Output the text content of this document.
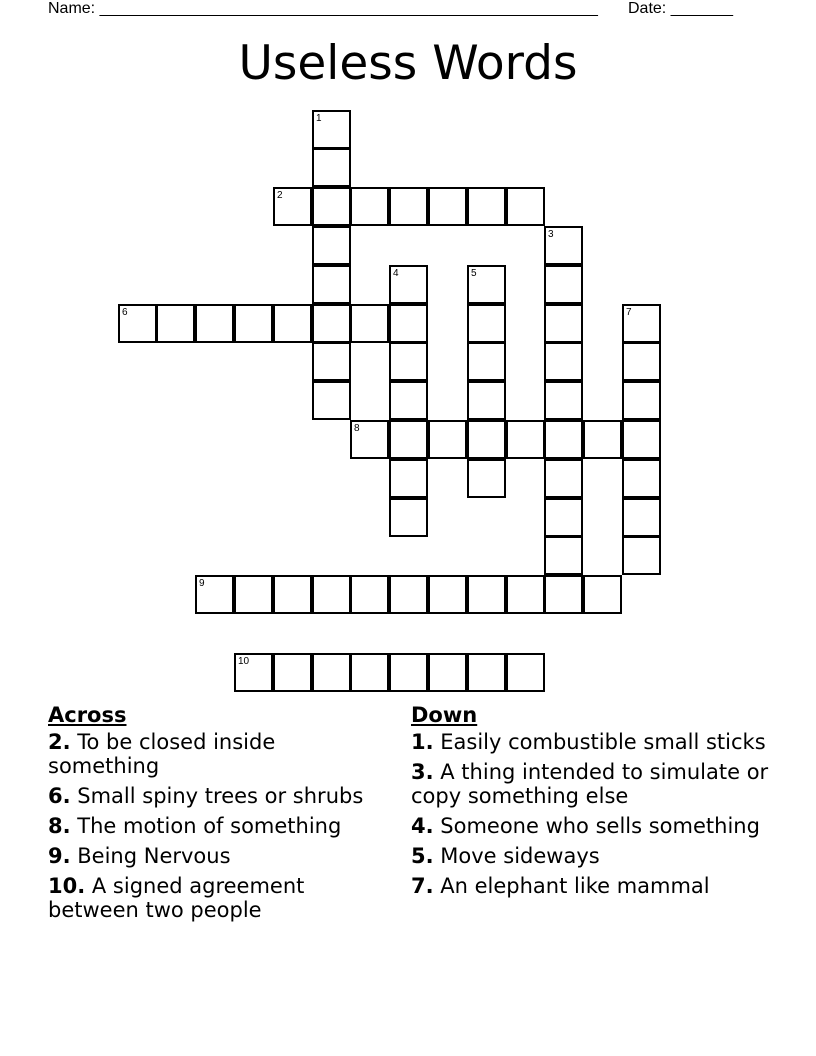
Name: ________________________________________________________ Date: _______
Useless Words
1
2
3
4	5
6	7
8
9
10
Across
2. To be closed inside something
6. Small spiny trees or shrubs
8. The motion of something
9. Being Nervous
10. A signed agreement between two people
Down
1. Easily combustible small sticks
3. A thing intended to simulate or copy something else
4. Someone who sells something
5. Move sideways
7. An elephant like mammal
